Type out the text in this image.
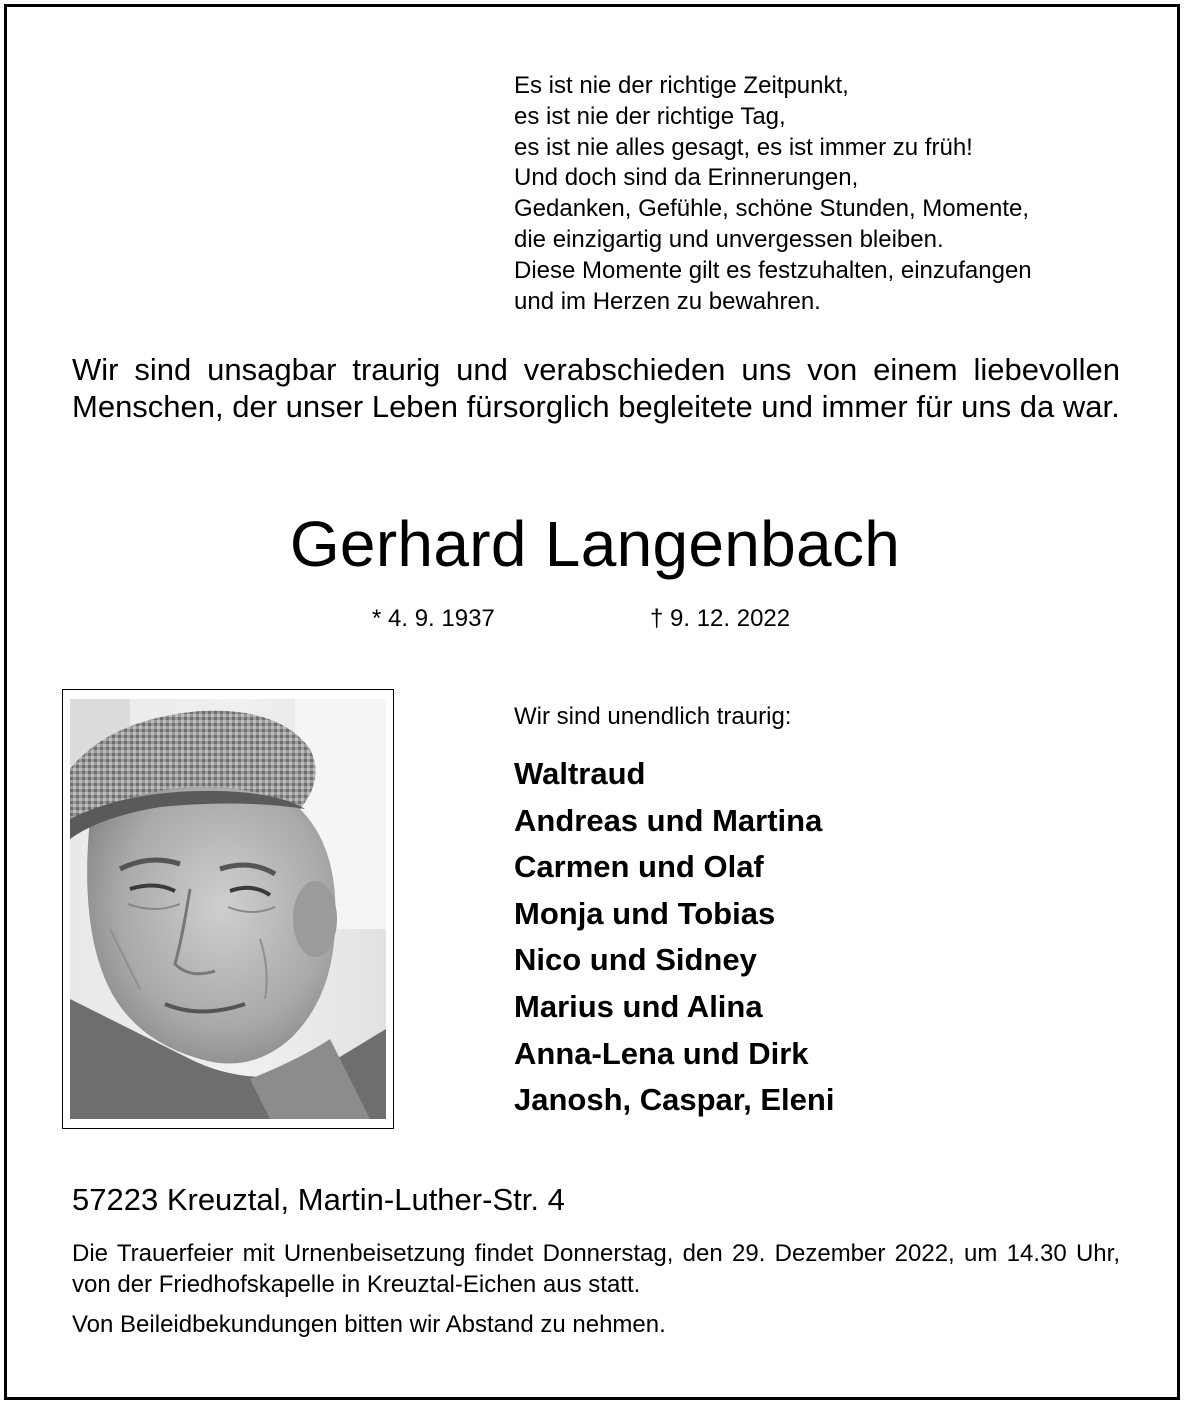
Es ist nie der richtige Zeitpunkt,
es ist nie der richtige Tag,
es ist nie alles gesagt, es ist immer zu früh!
Und doch sind da Erinnerungen,
Gedanken, Gefühle, schöne Stunden, Momente,
die einzigartig und unvergessen bleiben.
Diese Momente gilt es festzuhalten, einzufangen
und im Herzen zu bewahren.
Wir sind unsagbar traurig und verabschieden uns von einem liebevollen Menschen, der unser Leben fürsorglich begleitete und immer für uns da war.
Gerhard Langenbach
* 4. 9. 1937	† 9. 12. 2022
Wir sind unendlich traurig:
Waltraud
Andreas und Martina
Carmen und Olaf
Monja und Tobias
Nico und Sidney
Marius und Alina
Anna-Lena und Dirk
Janosh, Caspar, Eleni
57223 Kreuztal, Martin-Luther-Str. 4
Die Trauerfeier mit Urnenbeisetzung findet Donnerstag, den 29. Dezember 2022, um 14.30 Uhr, von der Friedhofskapelle in Kreuztal-Eichen aus statt.
Von Beileidbekundungen bitten wir Abstand zu nehmen.
